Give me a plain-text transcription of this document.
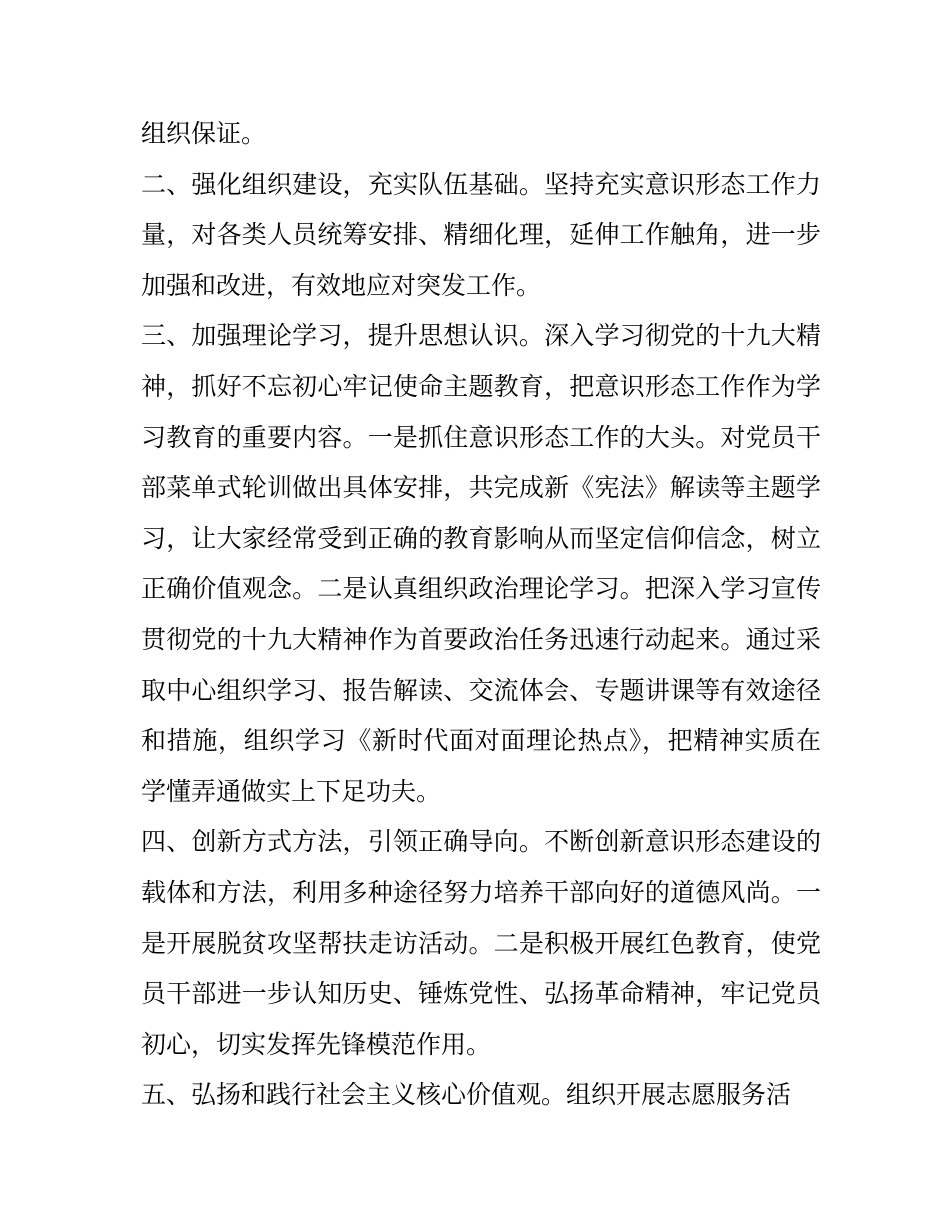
组织保证。
二、强化组织建设，充实队伍基础。坚持充实意识形态工作力
量，对各类人员统筹安排、精细化理，延伸工作触角，进一步
加强和改进，有效地应对突发工作。
三、加强理论学习，提升思想认识。深入学习彻党的十九大精
神，抓好不忘初心牢记使命主题教育，把意识形态工作作为学
习教育的重要内容。一是抓住意识形态工作的大头。对党员干
部菜单式轮训做出具体安排，共完成新《宪法》解读等主题学
习，让大家经常受到正确的教育影响从而坚定信仰信念，树立
正确价值观念。二是认真组织政治理论学习。把深入学习宣传
贯彻党的十九大精神作为首要政治任务迅速行动起来。通过采
取中心组织学习、报告解读、交流体会、专题讲课等有效途径
和措施，组织学习《新时代面对面理论热点》，把精神实质在
学懂弄通做实上下足功夫。
四、创新方式方法，引领正确导向。不断创新意识形态建设的
载体和方法，利用多种途径努力培养干部向好的道德风尚。一
是开展脱贫攻坚帮扶走访活动。二是积极开展红色教育，使党
员干部进一步认知历史、锤炼党性、弘扬革命精神，牢记党员
初心，切实发挥先锋模范作用。
五、弘扬和践行社会主义核心价值观。组织开展志愿服务活
